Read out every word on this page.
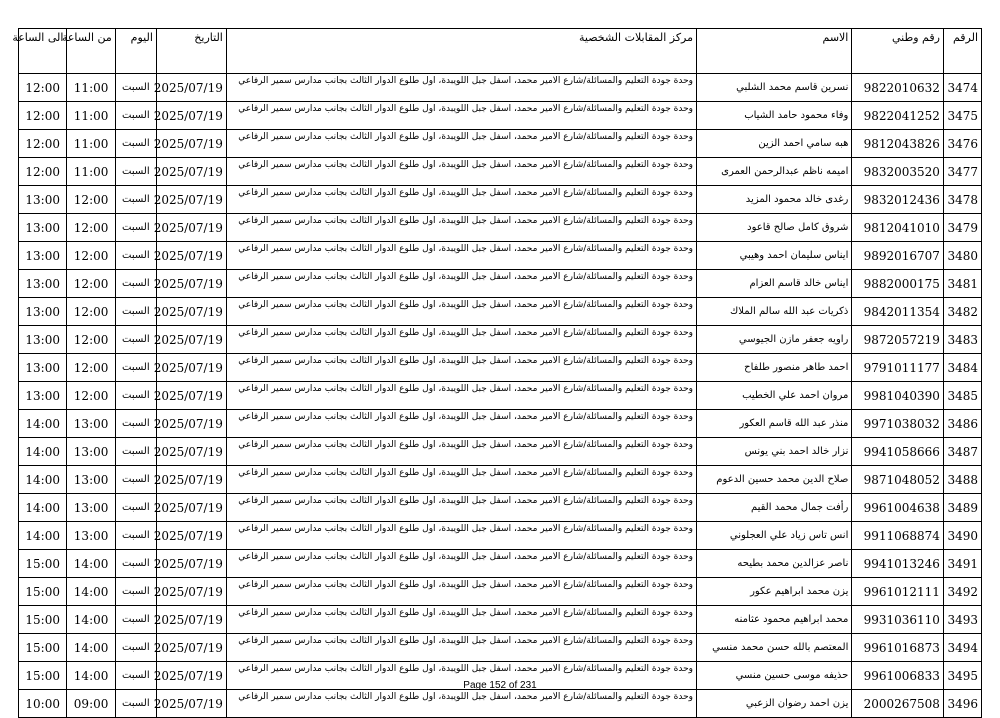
الرقم	رقم وطني	الاسم	مركز المقابلات الشخصية	التاريخ	اليوم	من الساعة	الى الساعة
3474	9822010632	نسرين قاسم محمد الشلبي	وحدة جودة التعليم والمسائلة/شارع الامير محمد، اسفل جبل اللويبدة، اول طلوع الدوار الثالث بجانب مدارس سمير الرفاعي	2025/07/19	السبت	11:00	12:00
3475	9822041252	وفاء محمود حامد الشياب	وحدة جودة التعليم والمسائلة/شارع الامير محمد، اسفل جبل اللويبدة، اول طلوع الدوار الثالث بجانب مدارس سمير الرفاعي	2025/07/19	السبت	11:00	12:00
3476	9812043826	هبه سامي احمد الزين	وحدة جودة التعليم والمسائلة/شارع الامير محمد، اسفل جبل اللويبدة، اول طلوع الدوار الثالث بجانب مدارس سمير الرفاعي	2025/07/19	السبت	11:00	12:00
3477	9832003520	اميمه ناظم عبدالرحمن العمرى	وحدة جودة التعليم والمسائلة/شارع الامير محمد، اسفل جبل اللويبدة، اول طلوع الدوار الثالث بجانب مدارس سمير الرفاعي	2025/07/19	السبت	11:00	12:00
3478	9832012436	رغدى خالد محمود المزيد	وحدة جودة التعليم والمسائلة/شارع الامير محمد، اسفل جبل اللويبدة، اول طلوع الدوار الثالث بجانب مدارس سمير الرفاعي	2025/07/19	السبت	12:00	13:00
3479	9812041010	شروق كامل صالح قاعود	وحدة جودة التعليم والمسائلة/شارع الامير محمد، اسفل جبل اللويبدة، اول طلوع الدوار الثالث بجانب مدارس سمير الرفاعي	2025/07/19	السبت	12:00	13:00
3480	9892016707	ايناس سليمان احمد وهيبي	وحدة جودة التعليم والمسائلة/شارع الامير محمد، اسفل جبل اللويبدة، اول طلوع الدوار الثالث بجانب مدارس سمير الرفاعي	2025/07/19	السبت	12:00	13:00
3481	9882000175	ايناس خالد قاسم العزام	وحدة جودة التعليم والمسائلة/شارع الامير محمد، اسفل جبل اللويبدة، اول طلوع الدوار الثالث بجانب مدارس سمير الرفاعي	2025/07/19	السبت	12:00	13:00
3482	9842011354	ذكريات عبد الله سالم الملاك	وحدة جودة التعليم والمسائلة/شارع الامير محمد، اسفل جبل اللويبدة، اول طلوع الدوار الثالث بجانب مدارس سمير الرفاعي	2025/07/19	السبت	12:00	13:00
3483	9872057219	راويه جعفر مازن الجيوسي	وحدة جودة التعليم والمسائلة/شارع الامير محمد، اسفل جبل اللويبدة، اول طلوع الدوار الثالث بجانب مدارس سمير الرفاعي	2025/07/19	السبت	12:00	13:00
3484	9791011177	احمد طاهر منصور طلفاح	وحدة جودة التعليم والمسائلة/شارع الامير محمد، اسفل جبل اللويبدة، اول طلوع الدوار الثالث بجانب مدارس سمير الرفاعي	2025/07/19	السبت	12:00	13:00
3485	9981040390	مروان احمد علي الخطيب	وحدة جودة التعليم والمسائلة/شارع الامير محمد، اسفل جبل اللويبدة، اول طلوع الدوار الثالث بجانب مدارس سمير الرفاعي	2025/07/19	السبت	12:00	13:00
3486	9971038032	منذر عبد الله قاسم العكور	وحدة جودة التعليم والمسائلة/شارع الامير محمد، اسفل جبل اللويبدة، اول طلوع الدوار الثالث بجانب مدارس سمير الرفاعي	2025/07/19	السبت	13:00	14:00
3487	9941058666	نزار خالد احمد بني يونس	وحدة جودة التعليم والمسائلة/شارع الامير محمد، اسفل جبل اللويبدة، اول طلوع الدوار الثالث بجانب مدارس سمير الرفاعي	2025/07/19	السبت	13:00	14:00
3488	9871048052	صلاح الدين محمد حسين الدعوم	وحدة جودة التعليم والمسائلة/شارع الامير محمد، اسفل جبل اللويبدة، اول طلوع الدوار الثالث بجانب مدارس سمير الرفاعي	2025/07/19	السبت	13:00	14:00
3489	9961004638	رأفت جمال محمد القيم	وحدة جودة التعليم والمسائلة/شارع الامير محمد، اسفل جبل اللويبدة، اول طلوع الدوار الثالث بجانب مدارس سمير الرفاعي	2025/07/19	السبت	13:00	14:00
3490	9911068874	انس تاس زياد علي العجلوني	وحدة جودة التعليم والمسائلة/شارع الامير محمد، اسفل جبل اللويبدة، اول طلوع الدوار الثالث بجانب مدارس سمير الرفاعي	2025/07/19	السبت	13:00	14:00
3491	9941013246	ناصر عزالدين محمد بطيحه	وحدة جودة التعليم والمسائلة/شارع الامير محمد، اسفل جبل اللويبدة، اول طلوع الدوار الثالث بجانب مدارس سمير الرفاعي	2025/07/19	السبت	14:00	15:00
3492	9961012111	يزن محمد ابراهيم عكور	وحدة جودة التعليم والمسائلة/شارع الامير محمد، اسفل جبل اللويبدة، اول طلوع الدوار الثالث بجانب مدارس سمير الرفاعي	2025/07/19	السبت	14:00	15:00
3493	9931036110	محمد ابراهيم محمود عثامنه	وحدة جودة التعليم والمسائلة/شارع الامير محمد، اسفل جبل اللويبدة، اول طلوع الدوار الثالث بجانب مدارس سمير الرفاعي	2025/07/19	السبت	14:00	15:00
3494	9961016873	المعتصم بالله حسن محمد منسي	وحدة جودة التعليم والمسائلة/شارع الامير محمد، اسفل جبل اللويبدة، اول طلوع الدوار الثالث بجانب مدارس سمير الرفاعي	2025/07/19	السبت	14:00	15:00
3495	9961006833	حذيفه موسى حسين منسي	وحدة جودة التعليم والمسائلة/شارع الامير محمد، اسفل جبل اللويبدة، اول طلوع الدوار الثالث بجانب مدارس سمير الرفاعي	2025/07/19	السبت	14:00	15:00
3496	2000267508	يزن احمد رضوان الزعبي	وحدة جودة التعليم والمسائلة/شارع الامير محمد، اسفل جبل اللويبدة، اول طلوع الدوار الثالث بجانب مدارس سمير الرفاعي	2025/07/19	السبت	09:00	10:00
Page 152 of 231
